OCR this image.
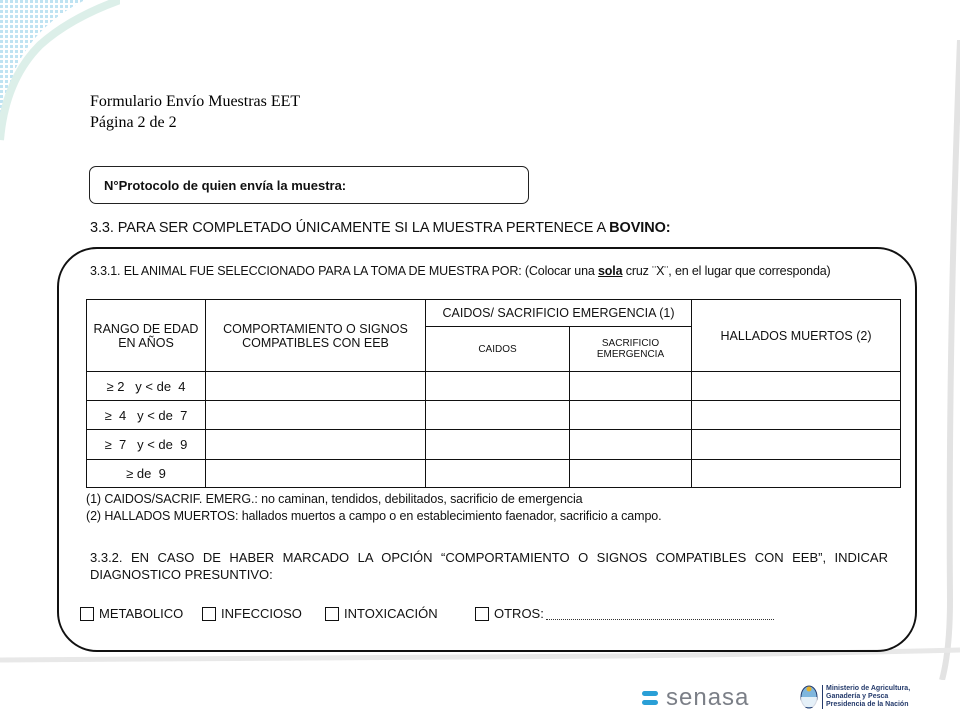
Formulario Envío Muestras EET
Página 2 de 2
N°Protocolo de quien envía la muestra:
3.3. PARA SER COMPLETADO ÚNICAMENTE SI LA MUESTRA PERTENECE A BOVINO:
3.3.1. EL ANIMAL FUE SELECCIONADO PARA LA TOMA DE MUESTRA POR: (Colocar una sola cruz ¨X¨, en el lugar que corresponda)
RANGO DE EDAD EN AÑOS	COMPORTAMIENTO O SIGNOS COMPATIBLES CON EEB	CAIDOS/ SACRIFICIO EMERGENCIA (1)		HALLADOS MUERTOS (2)
		CAIDOS	SACRIFICIO EMERGENCIA	
≥ 2   y < de  4				
≥  4   y < de  7				
≥  7   y < de  9				
≥ de  9				
(1) CAIDOS/SACRIF. EMERG.: no caminan, tendidos, debilitados, sacrificio de emergencia
(2) HALLADOS MUERTOS: hallados muertos a campo o en establecimiento faenador, sacrificio a campo.
3.3.2. EN CASO DE HABER MARCADO LA OPCIÓN “COMPORTAMIENTO O SIGNOS COMPATIBLES CON EEB”, INDICAR DIAGNOSTICO PRESUNTIVO:
METABOLICO	INFECCIOSO	INTOXICACIÓN	OTROS:
senasa	Ministerio de Agricultura,
Ganadería y Pesca
Presidencia de la Nación
